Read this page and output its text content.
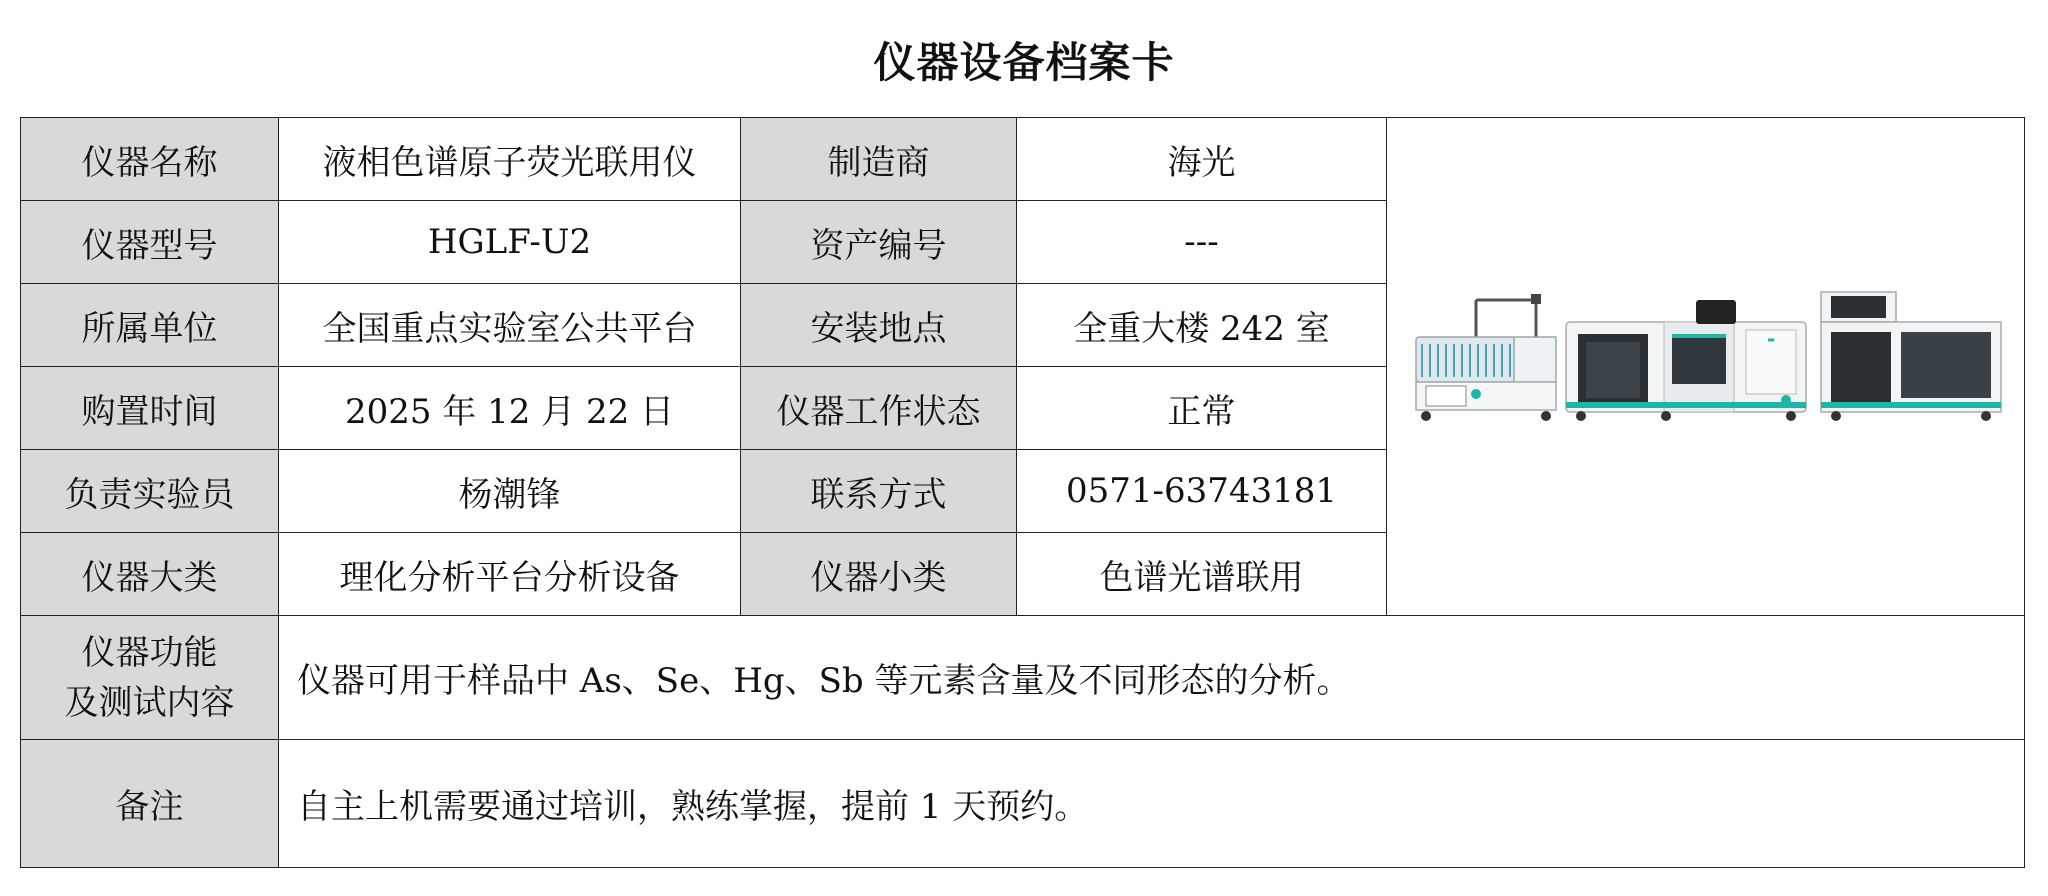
仪器设备档案卡
仪器名称	液相色谱原子荧光联用仪	制造商	海光	▬

仪器型号	HGLF-U2	资产编号	---	
所属单位	全国重点实验室公共平台	安装地点	全重大楼 242 室	
购置时间	2025 年 12 月 22 日	仪器工作状态	正常	
负责实验员	杨潮锋	联系方式	0571-63743181	
仪器大类	理化分析平台分析设备	仪器小类	色谱光谱联用	

仪器功能
及测试内容	仪器可用于样品中 As、Se、Hg、Sb 等元素含量及不同形态的分析。			
备注	自主上机需要通过培训，熟练掌握，提前 1 天预约。			
